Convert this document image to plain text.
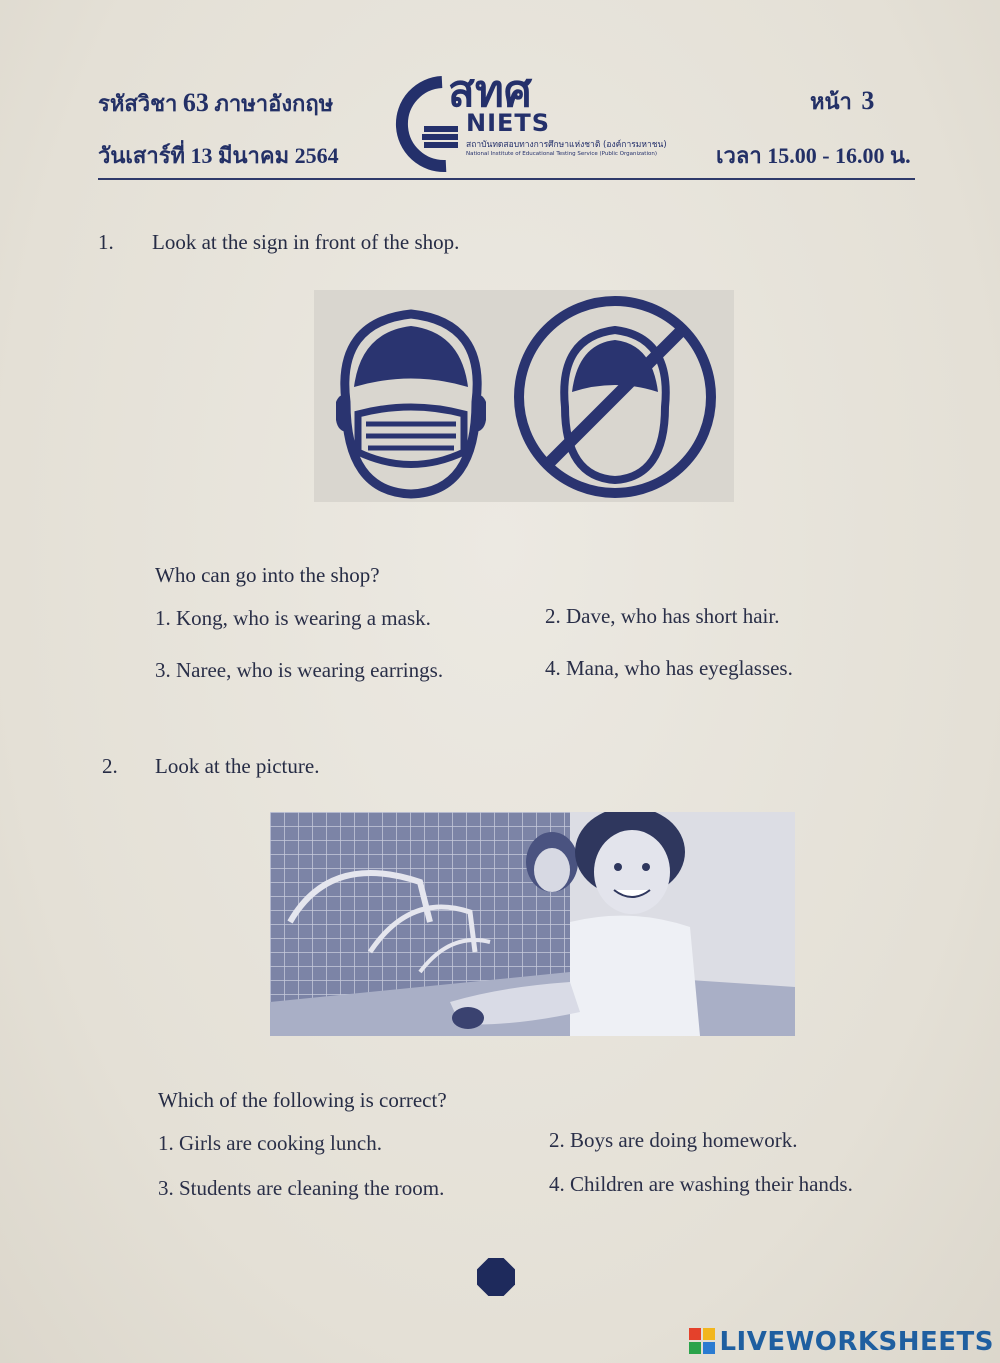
รหัสวิชา 63 ภาษาอังกฤษ
วันเสาร์ที่ 13 มีนาคม 2564
สทศ
NIETS
สถาบันทดสอบทางการศึกษาแห่งชาติ (องค์การมหาชน)
National Institute of Educational Testing Service (Public Organization)
หน้า 3
เวลา 15.00 - 16.00 น.
1. Look at the sign in front of the shop.
Who can go into the shop?
1. Kong, who is wearing a mask.	2. Dave, who has short hair.
3. Naree, who is wearing earrings.	4. Mana, who has eyeglasses.
2. Look at the picture.
Which of the following is correct?
1. Girls are cooking lunch.	2. Boys are doing homework.
3. Students are cleaning the room.	4. Children are washing their hands.
LIVEWORKSHEETS
